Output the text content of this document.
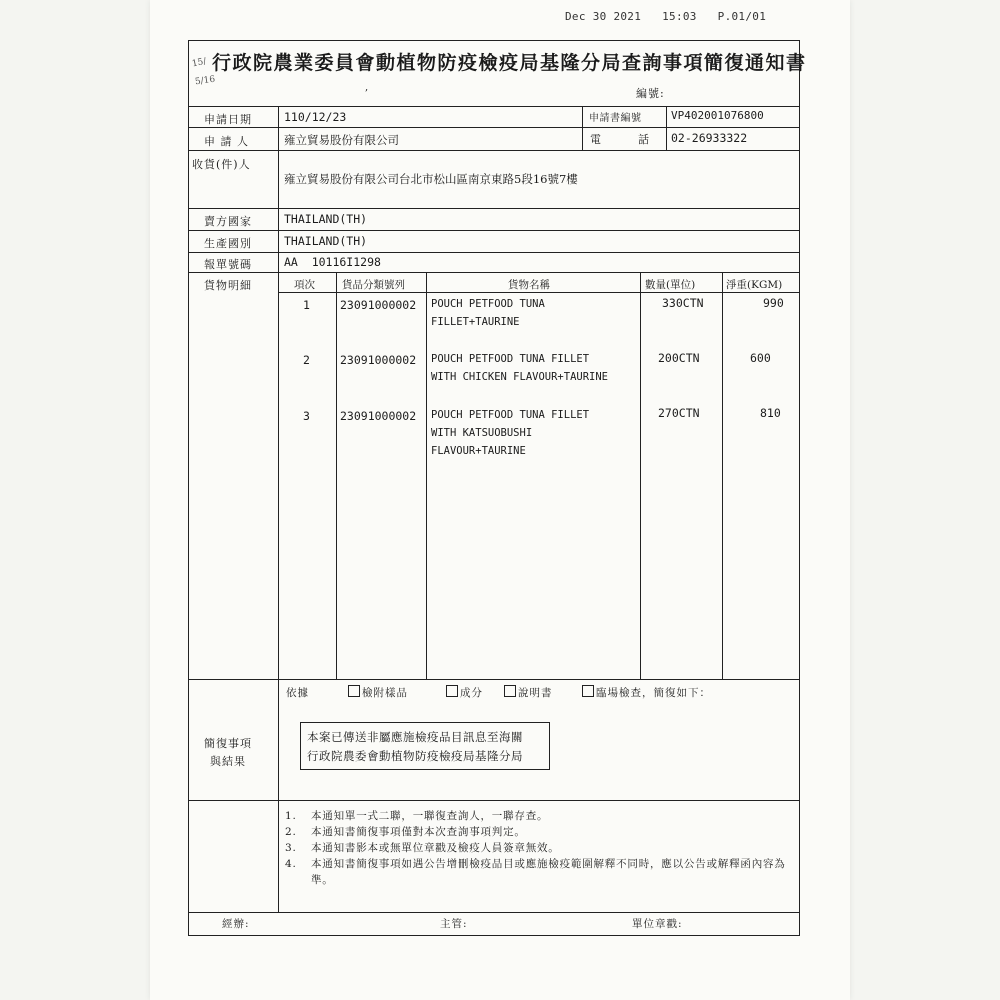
Dec 30 2021 15:03 P.01/01
行政院農業委員會動植物防疫檢疫局基隆分局查詢事項簡復通知書
15/
5/16
,	編號:
申請日期	110/12/23	申請書編號	VP402001076800
申 請 人	雍立貿易股份有限公司	電　　　話 02-26933322
收貨(件)人
雍立貿易股份有限公司台北市松山區南京東路5段16號7樓
賣方國家	THAILAND(TH)
生產國別	THAILAND(TH)
報單號碼	AA  10116I1298
貨物明細	項次	貨品分類號列	貨物名稱	數量(單位)	淨重(KGM)
1	23091000002 POUCH PETFOOD TUNA
FILLET+TAURINE
330CTN	990
2	23091000002 POUCH PETFOOD TUNA FILLET
WITH CHICKEN FLAVOUR+TAURINE
200CTN	600
3	23091000002 POUCH PETFOOD TUNA FILLET
WITH KATSUOBUSHI
FLAVOUR+TAURINE
270CTN	810
簡復事項
與結果
依據	檢附樣品	成分	說明書	臨場檢查，簡復如下：
本案已傳送非屬應施檢疫品目訊息至海關
行政院農委會動植物防疫檢疫局基隆分局
1.	本通知單一式二聯，一聯復查詢人，一聯存查。
2.	本通知書簡復事項僅對本次查詢事項判定。
3.	本通知書影本或無單位章戳及檢疫人員簽章無效。
4.	本通知書簡復事項如遇公告增刪檢疫品目或應施檢疫範圍解釋不同時，應以公告或解釋函內容為準。
經辦:	主管:	單位章戳:
